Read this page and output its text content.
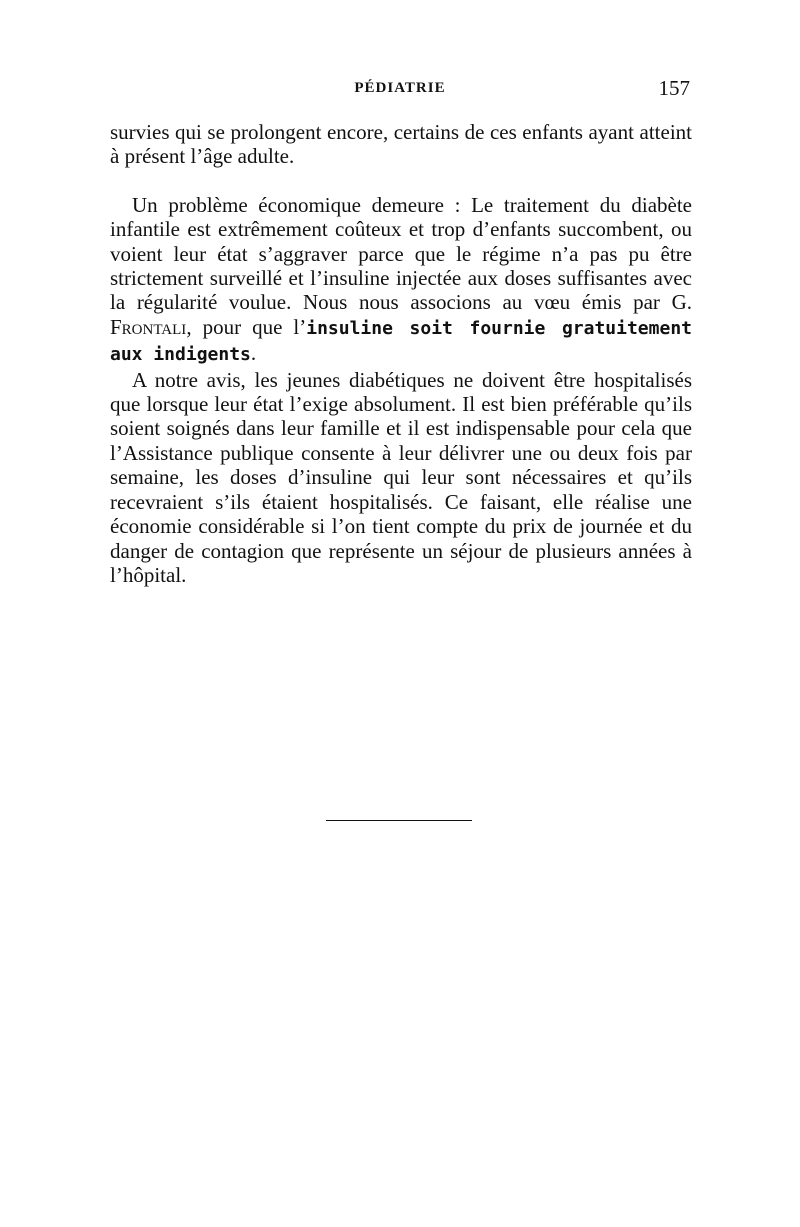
PÉDIATRIE	157

survies qui se prolongent encore, certains de ces enfants ayant atteint à présent l’âge adulte.

Un problème économique demeure : Le traitement du diabète infantile est extrêmement coûteux et trop d’enfants succombent, ou voient leur état s’aggraver parce que le régime n’a pas pu être strictement surveillé et l’insuline injectée aux doses suffisantes avec la régularité voulue. Nous nous associons au vœu émis par G. Frontali, pour que l’insuline soit fournie gratuitement aux indigents.

A notre avis, les jeunes diabétiques ne doivent être hospitalisés que lorsque leur état l’exige absolument. Il est bien préférable qu’ils soient soignés dans leur famille et il est indispensable pour cela que l’Assistance publique consente à leur délivrer une ou deux fois par semaine, les doses d’insuline qui leur sont nécessaires et qu’ils recevraient s’ils étaient hospitalisés. Ce faisant, elle réalise une économie considérable si l’on tient compte du prix de journée et du danger de contagion que représente un séjour de plusieurs années à l’hôpital.
